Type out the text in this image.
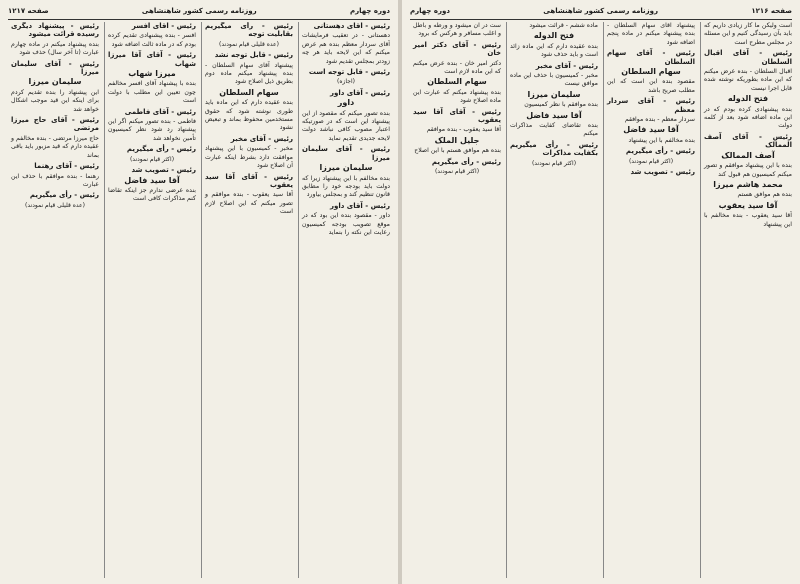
دوره چهارم
روزنامه رسمی کشور شاهنشاهی
صفحه ۱۲۱۷
رئیس - آقای دهستانی
دهستانی - در تعقیب فرمایشات آقای سردار معظم بنده هم عرض میکنم که این لایحه باید هر چه زودتر بمجلس تقدیم شود
رئیس - قابل توجه است
(اجازه)
رئیس - آقای داور
داور
بنده تصور میکنم که مقصود از این پیشنهاد این است که در صورتیکه اعتبار مصوب کافی نباشد دولت لایحه جدیدی تقدیم نماید
رئیس - آقای سلیمان میرزا
سلیمان میرزا
بنده مخالفم با این پیشنهاد زیرا که دولت باید بودجه خود را مطابق قانون تنظیم کند و بمجلس بیاورد
رئیس - آقای داور
داور - مقصود بنده این بود که در موقع تصویب بودجه کمیسیون رعایت این نکته را بنماید
رئیس - رأی میگیریم بقابلیت توجه
(عده قلیلی قیام نمودند)
رئیس - قابل توجه نشد
پیشنهاد آقای سهام السلطان - بنده پیشنهاد میکنم ماده دوم بطریق ذیل اصلاح شود
سهام السلطان
بنده عقیده دارم که این ماده باید طوری نوشته شود که حقوق مستخدمین محفوظ بماند و تبعیض نشود
رئیس - آقای مخبر
مخبر - کمیسیون با این پیشنهاد موافقت دارد بشرط اینکه عبارت آن اصلاح شود
رئیس - آقای آقا سید یعقوب
آقا سید یعقوب - بنده موافقم و تصور میکنم که این اصلاح لازم است
رئیس - آقای افسر
افسر - بنده پیشنهادی تقدیم کرده بودم که در ماده ثالث اضافه شود
رئیس - آقای آقا میرزا شهاب
میرزا شهاب
بنده با پیشنهاد آقای افسر مخالفم چون تعیین این مطلب با دولت است
رئیس - آقای فاطمی
فاطمی - بنده تصور میکنم اگر این پیشنهاد رد شود نظر کمیسیون تأمین نخواهد شد
رئیس - رأی میگیریم
(اکثر قیام نمودند)
رئیس - تصویب شد
آقا سید فاضل
بنده عرضی ندارم جز اینکه تقاضا کنم مذاکرات کافی است
رئیس - پیشنهاد دیگری رسیده قرائت میشود
بنده پیشنهاد میکنم در ماده چهارم عبارت (تا آخر سال) حذف شود
رئیس - آقای سلیمان میرزا
سلیمان میرزا
این پیشنهاد را بنده تقدیم کردم برای اینکه این قید موجب اشکال خواهد شد
رئیس - آقای حاج میرزا مرتضی
حاج میرزا مرتضی - بنده مخالفم و عقیده دارم که قید مزبور باید باقی بماند
رئیس - آقای رهنما
رهنما - بنده موافقم با حذف این عبارت
رئیس - رأی میگیریم
(عده قلیلی قیام نمودند)
صفحه ۱۲۱۶
روزنامه رسمی کشور شاهنشاهی
دوره چهارم
است ولیکن ما کار زیادی داریم که باید بآن رسیدگی کنیم و این مسئله در مجلس مطرح است
رئیس - آقای اقبال السلطان
اقبال السلطان - بنده عرض میکنم که این ماده بطوریکه نوشته شده قابل اجرا نیست
فتح الدوله
بنده پیشنهادی کرده بودم که در این ماده اضافه شود بعد از کلمه دولت
رئیس - آقای آصف الممالک
آصف الممالک
بنده با این پیشنهاد موافقم و تصور میکنم کمیسیون هم قبول کند
محمد هاشم میرزا
بنده هم موافق هستم
آقا سید یعقوب
آقا سید یعقوب - بنده مخالفم با این پیشنهاد
پیشنهاد آقای سهام السلطان - بنده پیشنهاد میکنم در ماده پنجم اضافه شود
رئیس - آقای سهام السلطان
سهام السلطان
مقصود بنده این است که این مطلب صریح باشد
رئیس - آقای سردار معظم
سردار معظم - بنده موافقم
آقا سید فاضل
بنده مخالفم با این پیشنهاد
رئیس - رأی میگیریم
(اکثر قیام نمودند)
رئیس - تصویب شد
ماده ششم - قرائت میشود
فتح الدوله
بنده عقیده دارم که این ماده زائد است و باید حذف شود
رئیس - آقای مخبر
مخبر - کمیسیون با حذف این ماده موافق نیست
سلیمان میرزا
بنده موافقم با نظر کمیسیون
آقا سید فاضل
بنده تقاضای کفایت مذاکرات میکنم
رئیس - رأی میگیریم بکفایت مذاکرات
(اکثر قیام نمودند)
ست در آن میشود و ورطه و باطل و اغلب مسافر و هرکس که برود
رئیس - آقای دکتر امیر خان
دکتر امیر خان - بنده عرض میکنم که این ماده لازم است
سهام السلطان
بنده پیشنهاد میکنم که عبارت این ماده اصلاح شود
رئیس - آقای آقا سید یعقوب
آقا سید یعقوب - بنده موافقم
جلیل الملک
بنده هم موافق هستم با این اصلاح
رئیس - رأی میگیریم
(اکثر قیام نمودند)
